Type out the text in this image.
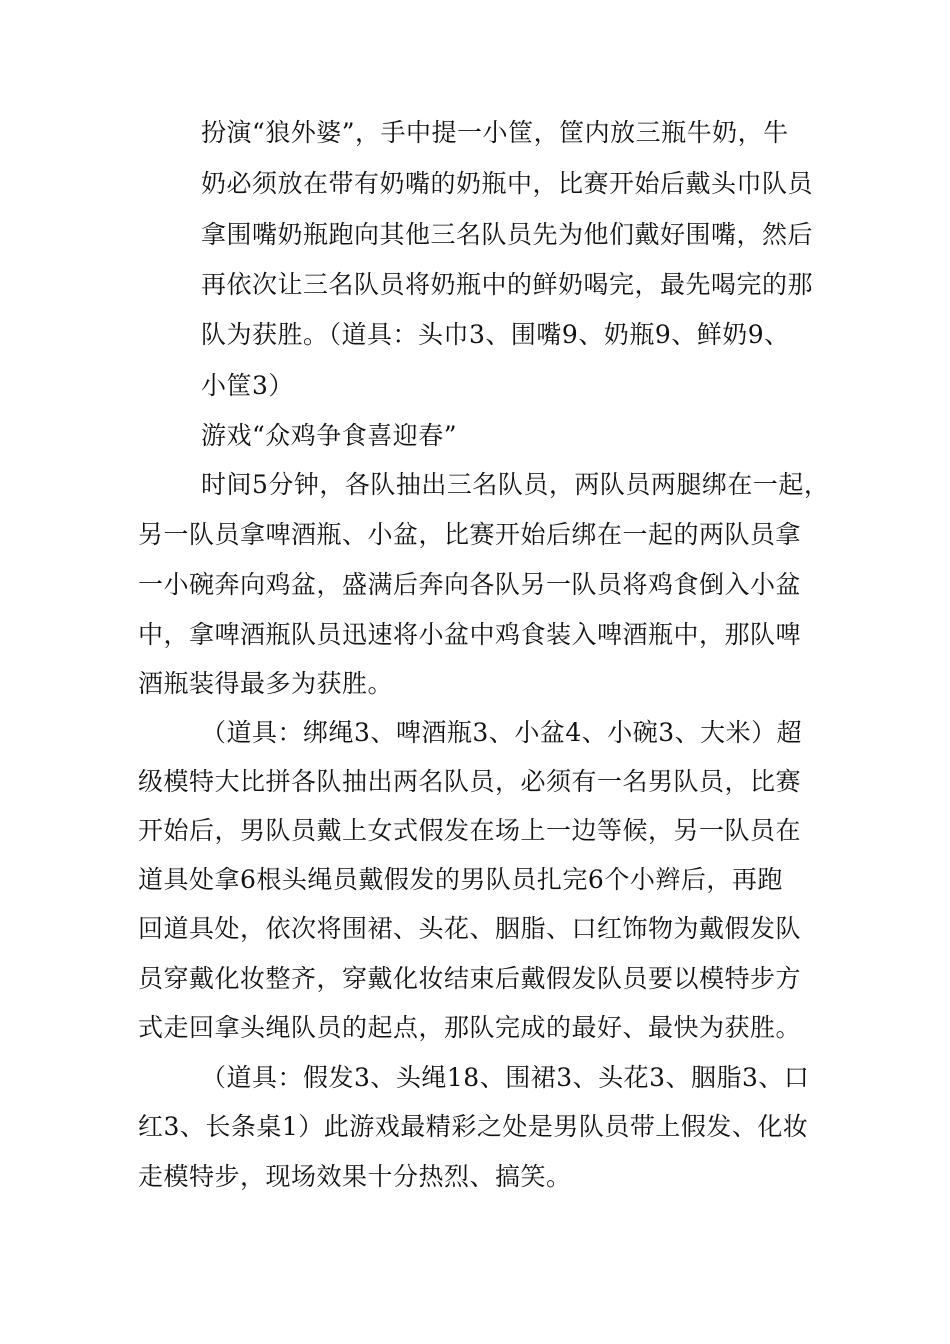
扮演“狼外婆”，手中提一小筐，筐内放三瓶牛奶，牛
奶必须放在带有奶嘴的奶瓶中，比赛开始后戴头巾队员
拿围嘴奶瓶跑向其他三名队员先为他们戴好围嘴，然后
再依次让三名队员将奶瓶中的鲜奶喝完，最先喝完的那
队为获胜。（道具：头巾3、围嘴9、奶瓶9、鲜奶9、
小筐3）
游戏“众鸡争食喜迎春”
时间5分钟，各队抽出三名队员，两队员两腿绑在一起，
另一队员拿啤酒瓶、小盆，比赛开始后绑在一起的两队员拿
一小碗奔向鸡盆，盛满后奔向各队另一队员将鸡食倒入小盆
中，拿啤酒瓶队员迅速将小盆中鸡食装入啤酒瓶中，那队啤
酒瓶装得最多为获胜。
（道具：绑绳3、啤酒瓶3、小盆4、小碗3、大米）超
级模特大比拼各队抽出两名队员，必须有一名男队员，比赛
开始后，男队员戴上女式假发在场上一边等候，另一队员在
道具处拿6根头绳员戴假发的男队员扎完6个小辫后，再跑
回道具处，依次将围裙、头花、胭脂、口红饰物为戴假发队
员穿戴化妆整齐，穿戴化妆结束后戴假发队员要以模特步方
式走回拿头绳队员的起点，那队完成的最好、最快为获胜。
（道具：假发3、头绳18、围裙3、头花3、胭脂3、口
红3、长条桌1）此游戏最精彩之处是男队员带上假发、化妆
走模特步，现场效果十分热烈、搞笑。
